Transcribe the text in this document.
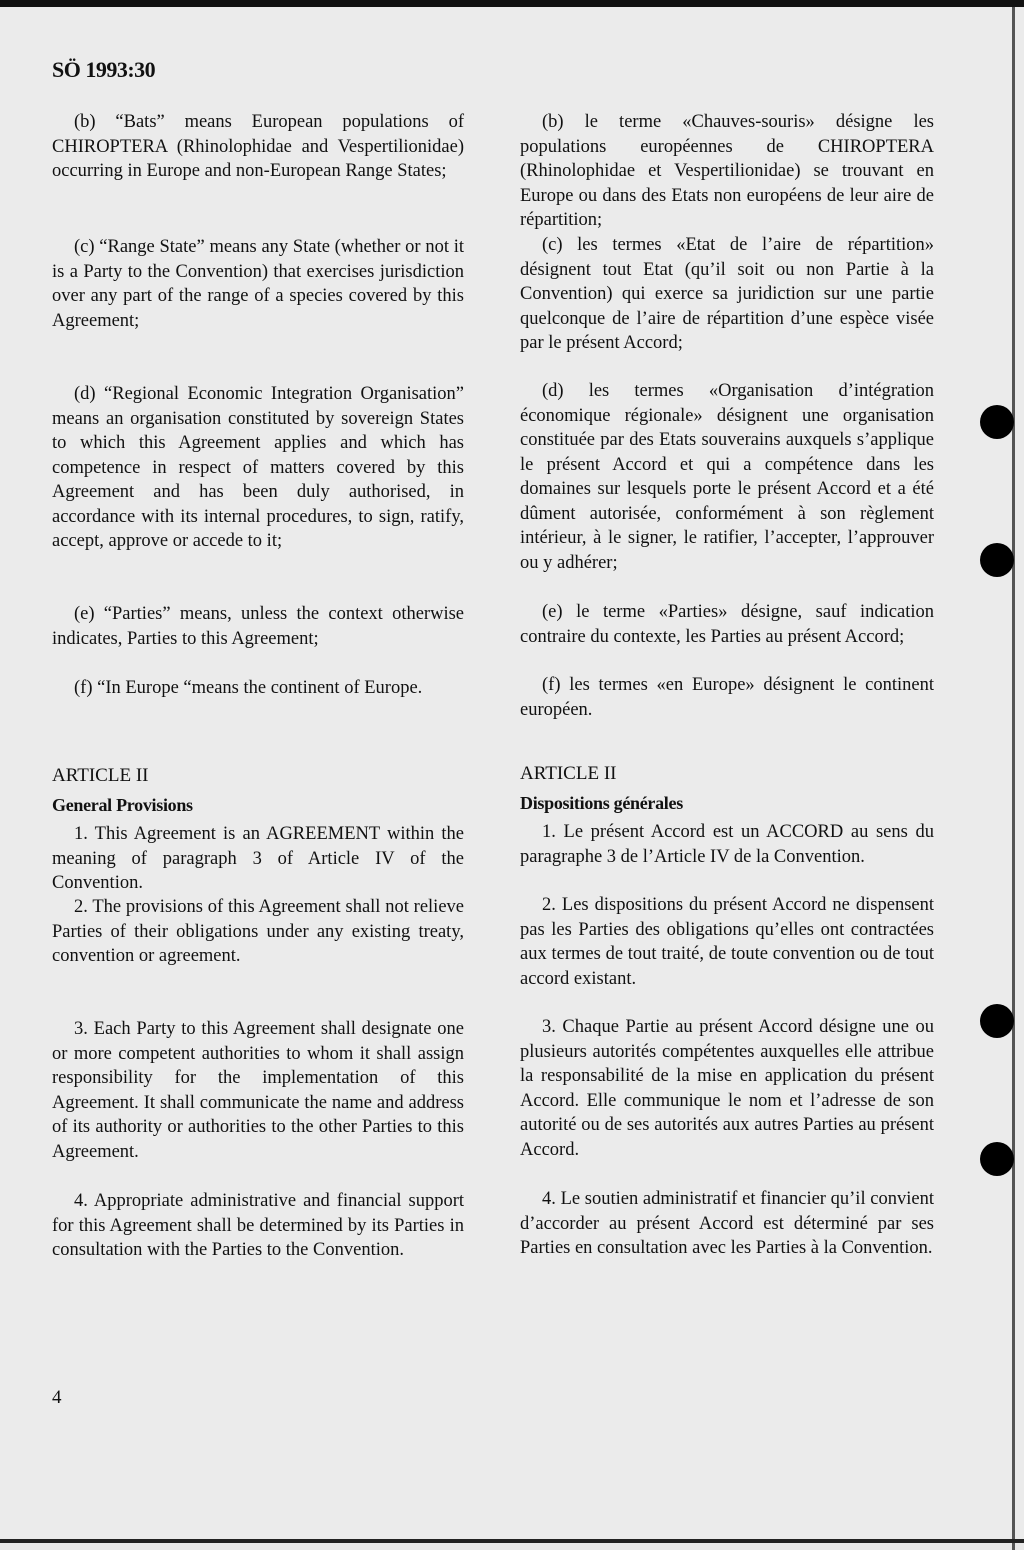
SÖ 1993:30

(b) “Bats” means European populations of CHIROPTERA (Rhinolophidae and Vespertilionidae) occurring in Europe and non-European Range States;

(c) “Range State” means any State (whether or not it is a Party to the Convention) that exercises jurisdiction over any part of the range of a species covered by this Agreement;

(d) “Regional Economic Integration Organisation” means an organisation constituted by sovereign States to which this Agreement applies and which has competence in respect of matters covered by this Agreement and has been duly authorised, in accordance with its internal procedures, to sign, ratify, accept, approve or accede to it;

(e) “Parties” means, unless the context otherwise indicates, Parties to this Agreement;

(f) “In Europe “means the continent of Europe.

ARTICLE II

General Provisions

1. This Agreement is an AGREEMENT within the meaning of paragraph 3 of Article IV of the Convention.

2. The provisions of this Agreement shall not relieve Parties of their obligations under any existing treaty, convention or agreement.

3. Each Party to this Agreement shall designate one or more competent authorities to whom it shall assign responsibility for the implementation of this Agreement. It shall communicate the name and address of its authority or authorities to the other Parties to this Agreement.

4. Appropriate administrative and financial support for this Agreement shall be determined by its Parties in consultation with the Parties to the Convention.

(b) le terme «Chauves-souris» désigne les populations européennes de CHIROPTERA (Rhinolophidae et Vespertilionidae) se trouvant en Europe ou dans des Etats non européens de leur aire de répartition;

(c) les termes «Etat de l’aire de répartition» désignent tout Etat (qu’il soit ou non Partie à la Convention) qui exerce sa juridiction sur une partie quelconque de l’aire de répartition d’une espèce visée par le présent Accord;

(d) les termes «Organisation d’intégration économique régionale» désignent une organisation constituée par des Etats souverains auxquels s’applique le présent Accord et qui a compétence dans les domaines sur lesquels porte le présent Accord et a été dûment autorisée, conformément à son règlement intérieur, à le signer, le ratifier, l’accepter, l’approuver ou y adhérer;

(e) le terme «Parties» désigne, sauf indication contraire du contexte, les Parties au présent Accord;

(f) les termes «en Europe» désignent le continent européen.

ARTICLE II

Dispositions générales

1. Le présent Accord est un ACCORD au sens du paragraphe 3 de l’Article IV de la Convention.

2. Les dispositions du présent Accord ne dispensent pas les Parties des obligations qu’elles ont contractées aux termes de tout traité, de toute convention ou de tout accord existant.

3. Chaque Partie au présent Accord désigne une ou plusieurs autorités compétentes auxquelles elle attribue la responsabilité de la mise en application du présent Accord. Elle communique le nom et l’adresse de son autorité ou de ses autorités aux autres Parties au présent Accord.

4. Le soutien administratif et financier qu’il convient d’accorder au présent Accord est déterminé par ses Parties en consultation avec les Parties à la Convention.

4
